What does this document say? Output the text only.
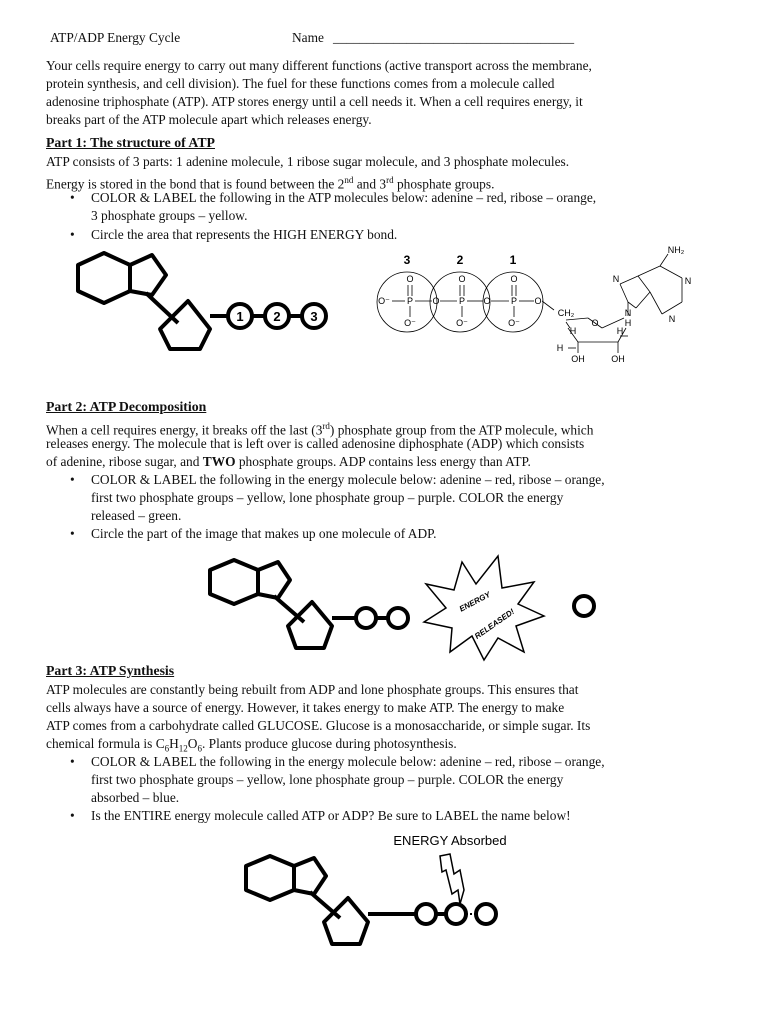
ATP/ADP Energy Cycle	Name ____________________________________
Your cells require energy to carry out many different functions (active transport across the membrane,
protein synthesis, and cell division). The fuel for these functions comes from a molecule called
adenosine triphosphate (ATP). ATP stores energy until a cell needs it. When a cell requires energy, it
breaks part of the ATP molecule apart which releases energy.
Part 1: The structure of ATP
ATP consists of 3 parts: 1 adenine molecule, 1 ribose sugar molecule, and 3 phosphate molecules.
Energy is stored in the bond that is found between the 2nd and 3rd phosphate groups.
• COLOR & LABEL the following in the ATP molecules below: adenine – red, ribose – orange,
3 phosphate groups – yellow.
• Circle the area that represents the HIGH ENERGY bond.
1 2 3
3	2	1
O	O	O
O⁻ P O P O P O
O⁻	O⁻	O⁻
NH₂
N	N
N
N
CH₂
O
H	H
H
H
OH	OH
Part 2: ATP Decomposition
When a cell requires energy, it breaks off the last (3rd) phosphate group from the ATP molecule, which
releases energy. The molecule that is left over is called adenosine diphosphate (ADP) which consists
of adenine, ribose sugar, and TWO phosphate groups. ADP contains less energy than ATP.
• COLOR & LABEL the following in the energy molecule below: adenine – red, ribose – orange,
first two phosphate groups – yellow, lone phosphate group – purple. COLOR the energy
released – green.
• Circle the part of the image that makes up one molecule of ADP.
ENERGY
RELEASED!
Part 3: ATP Synthesis
ATP molecules are constantly being rebuilt from ADP and lone phosphate groups. This ensures that
cells always have a source of energy. However, it takes energy to make ATP. The energy to make
ATP comes from a carbohydrate called GLUCOSE. Glucose is a monosaccharide, or simple sugar. Its
chemical formula is $C_6H_{12}O_6$. Plants produce glucose during photosynthesis.
• COLOR & LABEL the following in the energy molecule below: adenine – red, ribose – orange,
first two phosphate groups – yellow, lone phosphate group – purple. COLOR the energy
absorbed – blue.
• Is the ENTIRE energy molecule called ATP or ADP? Be sure to LABEL the name below!
ENERGY Absorbed
